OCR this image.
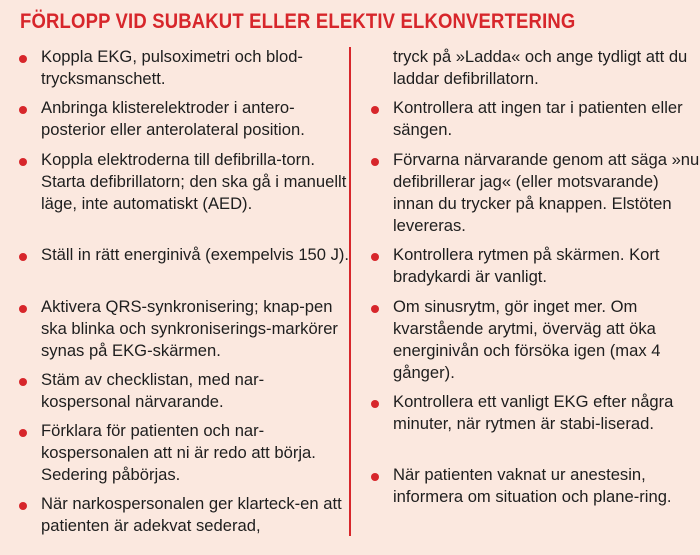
FÖRLOPP VID SUBAKUT ELLER ELEKTIV ELKONVERTERING

Koppla EKG, pulsoximetri och blod-trycksmanschett.

Anbringa klisterelektroder i antero-posterior eller anterolateral position.

Koppla elektroderna till defibrilla-torn. Starta defibrillatorn; den ska gå i manuellt läge, inte automatiskt (AED).

Ställ in rätt energinivå (exempelvis 150 J).

Aktivera QRS-synkronisering; knap-pen ska blinka och synkroniserings-markörer synas på EKG-skärmen.

Stäm av checklistan, med nar-kospersonal närvarande.

Förklara för patienten och nar-kospersonalen att ni är redo att börja. Sedering påbörjas.

När narkospersonalen ger klarteck-en att patienten är adekvat sederad,

tryck på »Ladda« och ange tydligt att du laddar defibrillatorn.

Kontrollera att ingen tar i patienten eller sängen.

Förvarna närvarande genom att säga »nu defibrillerar jag« (eller motsvarande) innan du trycker på knappen. Elstöten levereras.

Kontrollera rytmen på skärmen. Kort bradykardi är vanligt.

Om sinusrytm, gör inget mer. Om kvarstående arytmi, överväg att öka energinivån och försöka igen (max 4 gånger).

Kontrollera ett vanligt EKG efter några minuter, när rytmen är stabi-liserad.

När patienten vaknat ur anestesin, informera om situation och plane-ring.
